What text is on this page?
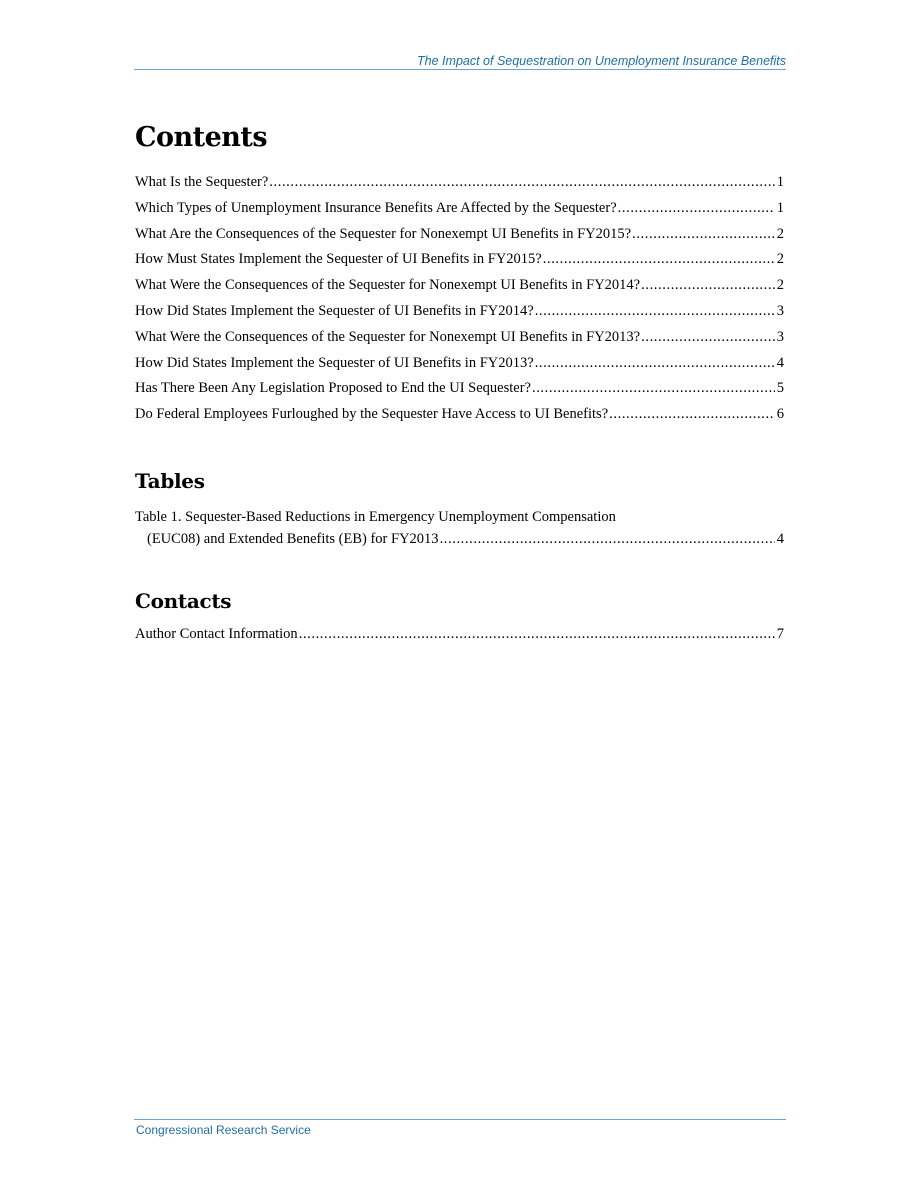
The Impact of Sequestration on Unemployment Insurance Benefits
Contents
What Is the Sequester? .....	1
Which Types of Unemployment Insurance Benefits Are Affected by the Sequester? .....	1
What Are the Consequences of the Sequester for Nonexempt UI Benefits in FY2015? .....	2
How Must States Implement the Sequester of UI Benefits in FY2015? .....	2
What Were the Consequences of the Sequester for Nonexempt UI Benefits in FY2014? .....	2
How Did States Implement the Sequester of UI Benefits in FY2014? .....	3
What Were the Consequences of the Sequester for Nonexempt UI Benefits in FY2013? .....	3
How Did States Implement the Sequester of UI Benefits in FY2013? .....	4
Has There Been Any Legislation Proposed to End the UI Sequester? .....	5
Do Federal Employees Furloughed by the Sequester Have Access to UI Benefits? .....	6
Tables
Table 1. Sequester-Based Reductions in Emergency Unemployment Compensation
(EUC08) and Extended Benefits (EB) for FY2013 .....	4
Contacts
Author Contact Information .....	7
Congressional Research Service
